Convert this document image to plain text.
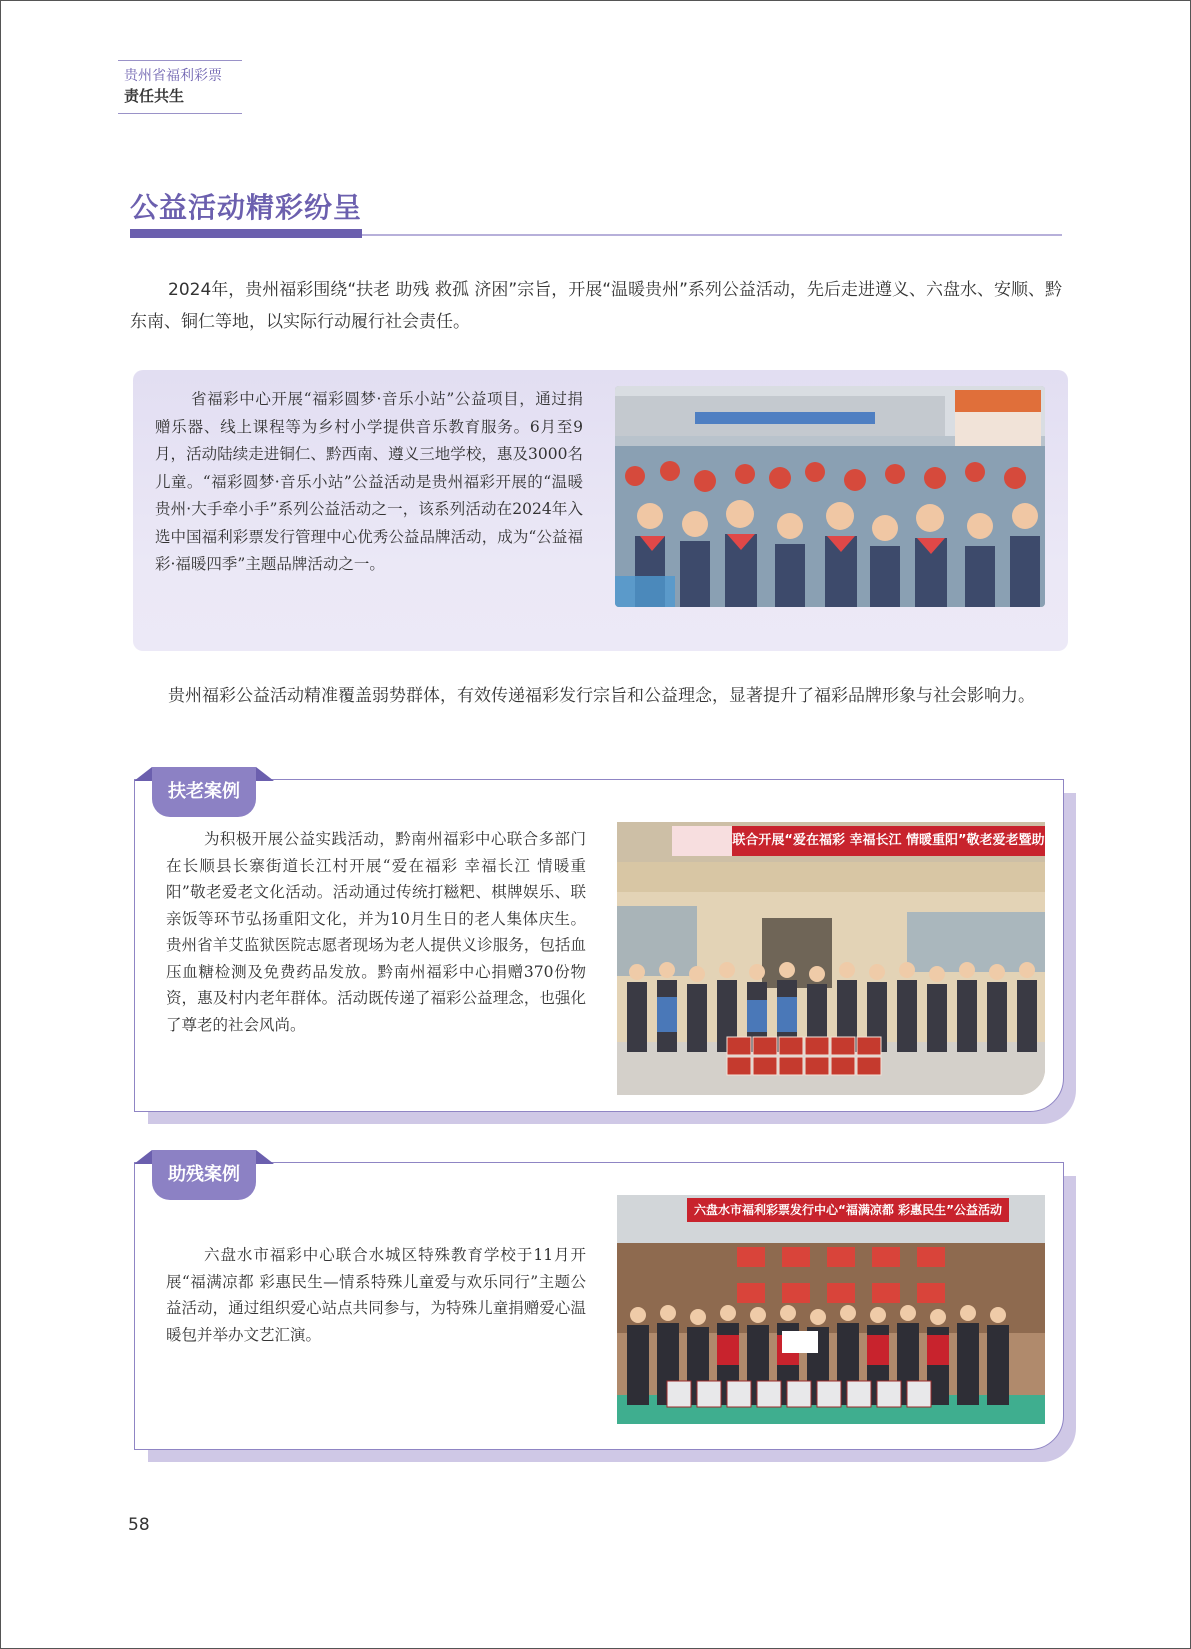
贵州省福利彩票
责任共生
公益活动精彩纷呈
2024年，贵州福彩围绕“扶老 助残 救孤 济困”宗旨，开展“温暖贵州”系列公益活动，先后走进遵义、六盘水、安顺、黔东南、铜仁等地，以实际行动履行社会责任。
省福彩中心开展“福彩圆梦·音乐小站”公益项目，通过捐赠乐器、线上课程等为乡村小学提供音乐教育服务。6月至9月，活动陆续走进铜仁、黔西南、遵义三地学校，惠及3000名儿童。“福彩圆梦·音乐小站”公益活动是贵州福彩开展的“温暖贵州·大手牵小手”系列公益活动之一，该系列活动在2024年入选中国福利彩票发行管理中心优秀公益品牌活动，成为“公益福彩·福暖四季”主题品牌活动之一。
贵州福彩公益活动精准覆盖弱势群体，有效传递福彩发行宗旨和公益理念，显著提升了福彩品牌形象与社会影响力。
为积极开展公益实践活动，黔南州福彩中心联合多部门在长顺县长寨街道长江村开展“爱在福彩 幸福长江 情暖重阳”敬老爱老文化活动。活动通过传统打糍粑、棋牌娱乐、联亲饭等环节弘扬重阳文化，并为10月生日的老人集体庆生。贵州省羊艾监狱医院志愿者现场为老人提供义诊服务，包括血压血糖检测及免费药品发放。黔南州福彩中心捐赠370份物资，惠及村内老年群体。活动既传递了福彩公益理念，也强化了尊老的社会风尚。
联合开展“爱在福彩 幸福长江 情暖重阳”敬老爱老暨助
扶老案例
六盘水市福彩中心联合水城区特殊教育学校于11月开展“福满凉都 彩惠民生—情系特殊儿童爱与欢乐同行”主题公益活动，通过组织爱心站点共同参与，为特殊儿童捐赠爱心温暖包并举办文艺汇演。
六盘水市福利彩票发行中心“福满凉都 彩惠民生”公益活动
助残案例
58
